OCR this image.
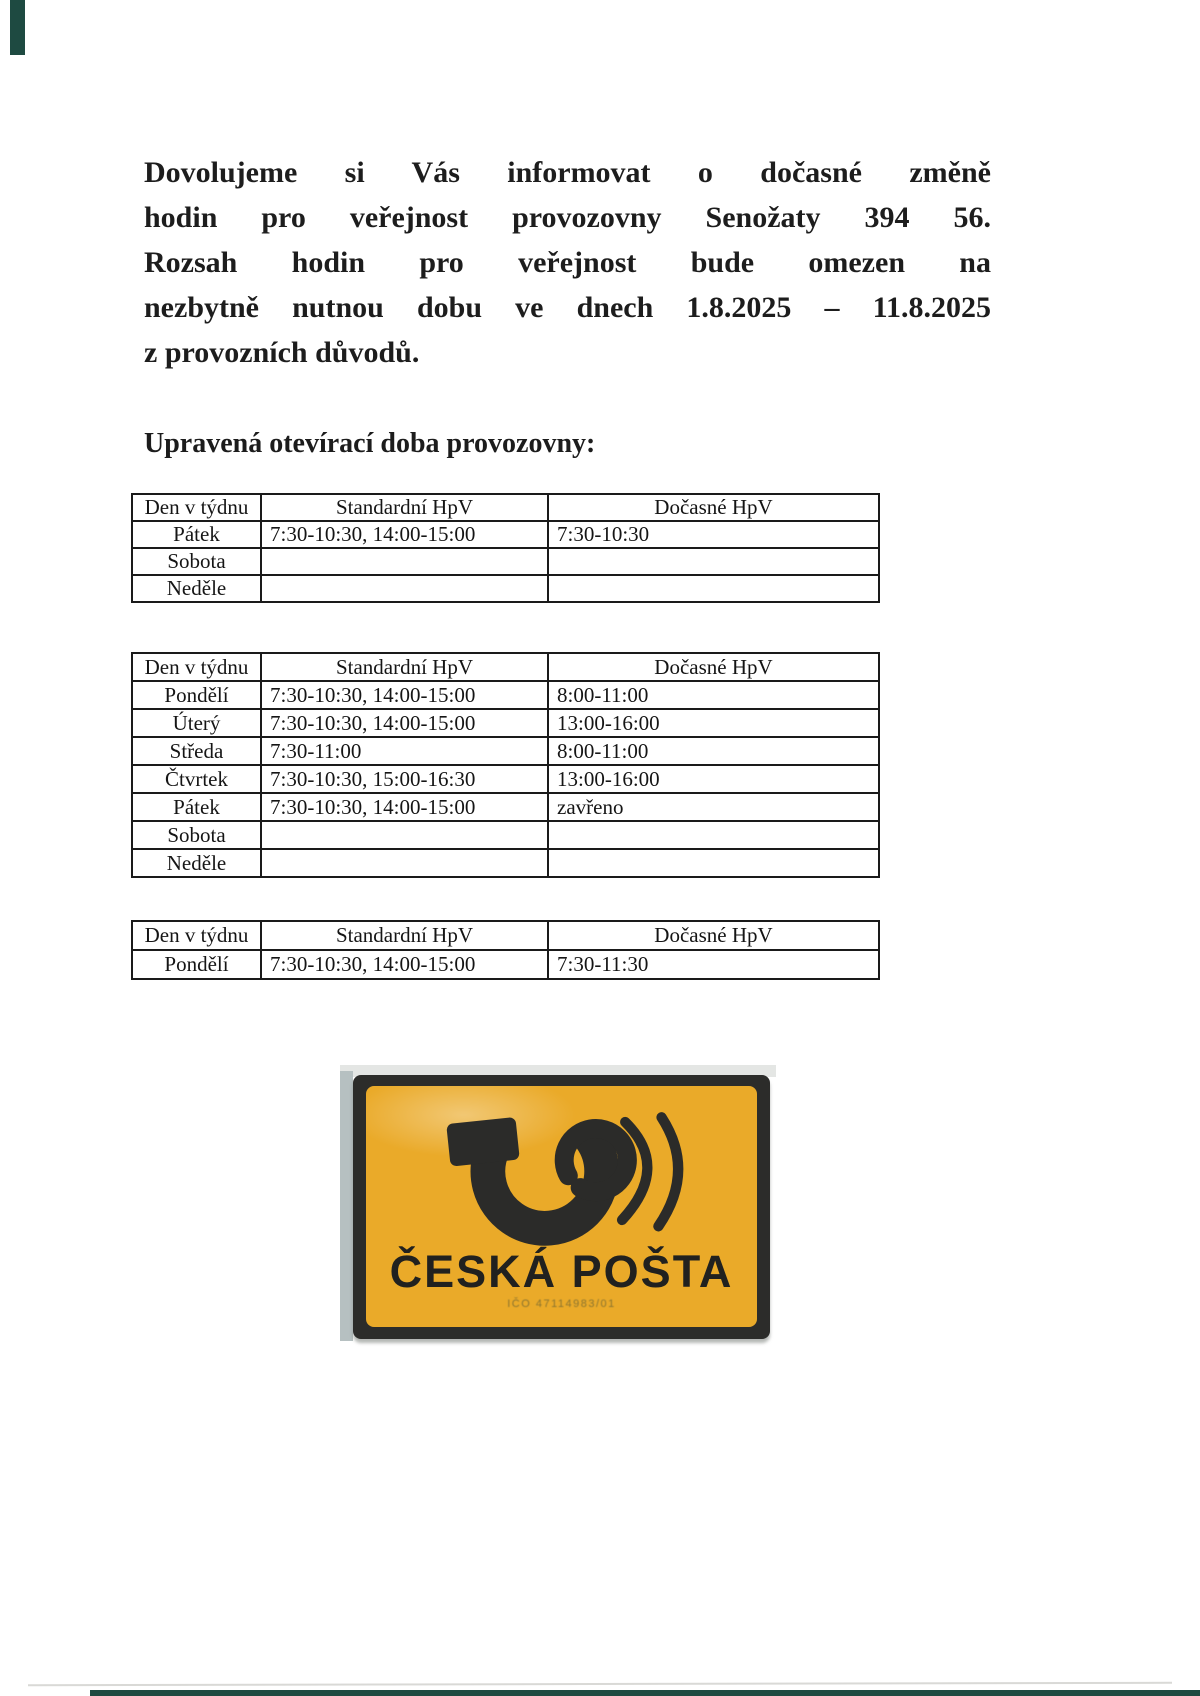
Dovolujeme si Vás informovat o dočasné změně
hodin pro veřejnost provozovny Senožaty 394 56.
Rozsah hodin pro veřejnost bude omezen na
nezbytně nutnou dobu ve dnech 1.8.2025 – 11.8.2025
z provozních důvodů.
Upravená otevírací doba provozovny:
Den v týdnu	Standardní HpV	Dočasné HpV
Pátek	7:30-10:30, 14:00-15:00	7:30-10:30
Sobota		
Neděle		
Den v týdnu	Standardní HpV	Dočasné HpV
Pondělí	7:30-10:30, 14:00-15:00	8:00-11:00
Úterý	7:30-10:30, 14:00-15:00	13:00-16:00
Středa	7:30-11:00	8:00-11:00
Čtvrtek	7:30-10:30, 15:00-16:30	13:00-16:00
Pátek	7:30-10:30, 14:00-15:00	zavřeno
Sobota		
Neděle		
Den v týdnu	Standardní HpV	Dočasné HpV
Pondělí	7:30-10:30, 14:00-15:00	7:30-11:30
ČESKÁ POŠTA
IČO 47114983/01
